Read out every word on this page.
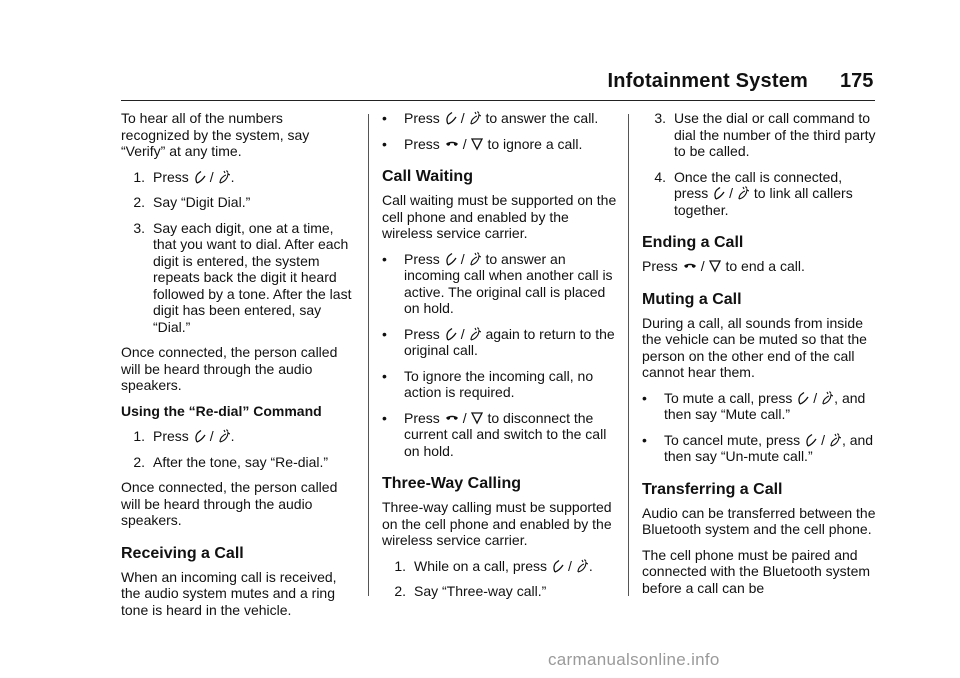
Infotainment System 175

To hear all of the numbers recognized by the system, say “Verify” at any time.

1. Press / .
2. Say “Digit Dial.”
3. Say each digit, one at a time, that you want to dial. After each digit is entered, the system repeats back the digit it heard followed by a tone. After the last digit has been entered, say “Dial.”

Once connected, the person called will be heard through the audio speakers.

Using the “Re-dial” Command

1. Press / .
2. After the tone, say “Re-dial.”

Once connected, the person called will be heard through the audio speakers.

Receiving a Call

When an incoming call is received, the audio system mutes and a ring tone is heard in the vehicle.

•	Press / to answer the call.
•	Press / to ignore a call.
Call Waiting

Call waiting must be supported on the cell phone and enabled by the wireless service carrier.

•	Press / to answer an incoming call when another call is active. The original call is placed on hold.
•	Press / again to return to the original call.
•	To ignore the incoming call, no action is required.
•	Press / to disconnect the current call and switch to the call on hold.
Three-Way Calling

Three-way calling must be supported on the cell phone and enabled by the wireless service carrier.

1. While on a call, press / .
2. Say “Three-way call.”
3. Use the dial or call command to dial the number of the third party to be called.
4. Once the call is connected, press / to link all callers together.
Ending a Call

Press / to end a call.

Muting a Call

During a call, all sounds from inside the vehicle can be muted so that the person on the other end of the call cannot hear them.

•	To mute a call, press / , and then say “Mute call.”
•	To cancel mute, press / , and then say “Un-mute call.”
Transferring a Call

Audio can be transferred between the Bluetooth system and the cell phone.

The cell phone must be paired and connected with the Bluetooth system before a call can be

carmanualsonline.info
